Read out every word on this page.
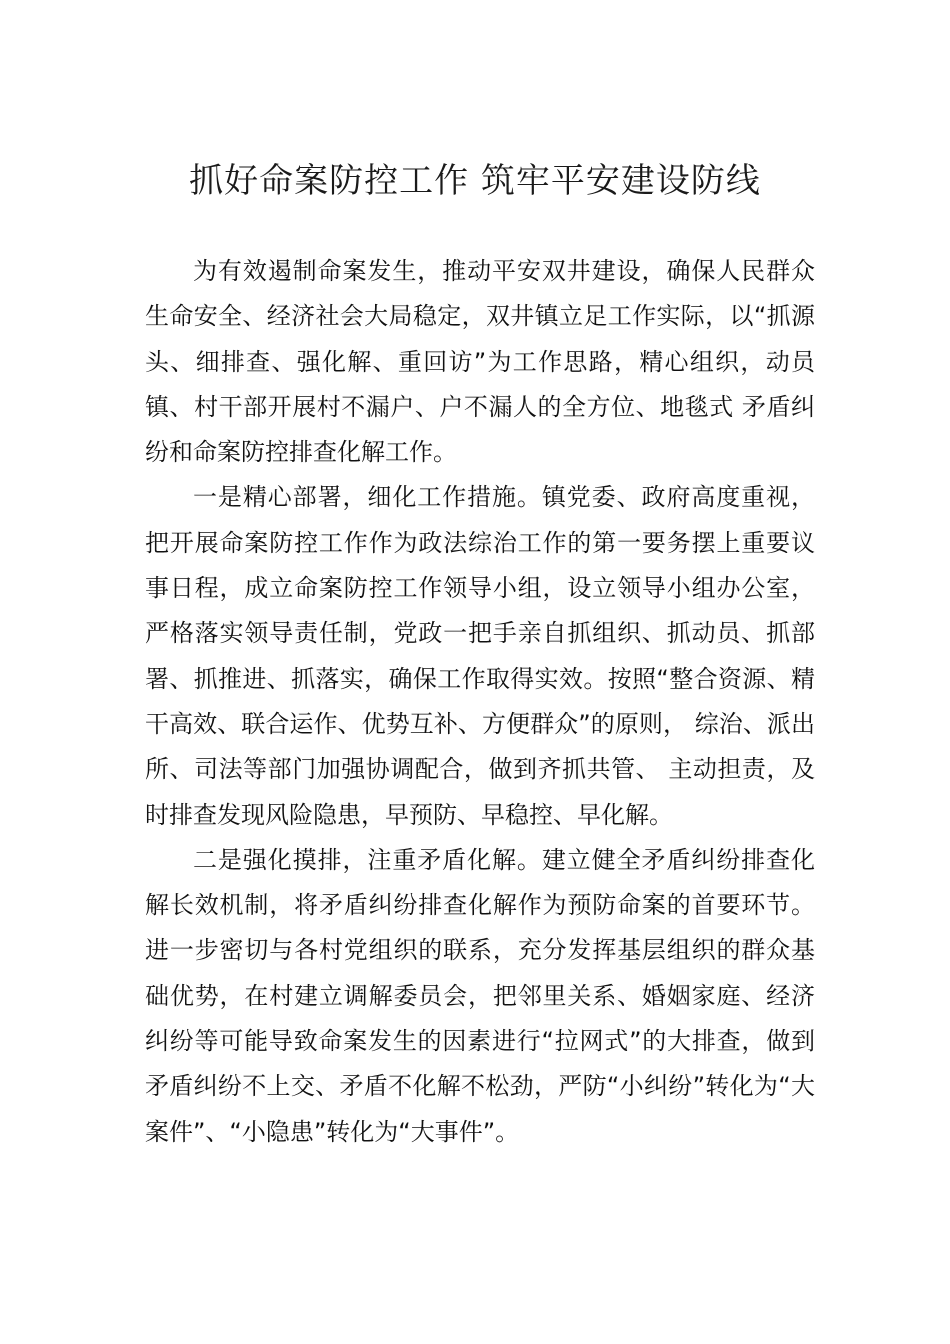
抓好命案防控工作 筑牢平安建设防线

为有效遏制命案发生，推动平安双井建设，确保人民群众生命安全、经济社会大局稳定，双井镇立足工作实际，以“抓源头、细排查、强化解、重回访”为工作思路，精心组织，动员镇、村干部开展村不漏户、户不漏人的全方位、地毯式 矛盾纠纷和命案防控排查化解工作。

一是精心部署，细化工作措施。镇党委、政府高度重视，把开展命案防控工作作为政法综治工作的第一要务摆上重要议事日程，成立命案防控工作领导小组，设立领导小组办公室，严格落实领导责任制，党政一把手亲自抓组织、抓动员、抓部署、抓推进、抓落实，确保工作取得实效。按照“整合资源、精干高效、联合运作、优势互补、方便群众”的原则， 综治、派出所、司法等部门加强协调配合，做到齐抓共管、 主动担责，及时排查发现风险隐患，早预防、早稳控、早化解。

二是强化摸排，注重矛盾化解。建立健全矛盾纠纷排查化解长效机制，将矛盾纠纷排查化解作为预防命案的首要环节。进一步密切与各村党组织的联系，充分发挥基层组织的群众基础优势，在村建立调解委员会，把邻里关系、婚姻家庭、经济纠纷等可能导致命案发生的因素进行“拉网式”的大排查，做到矛盾纠纷不上交、矛盾不化解不松劲，严防“小纠纷”转化为“大案件”、“小隐患”转化为“大事件”。
